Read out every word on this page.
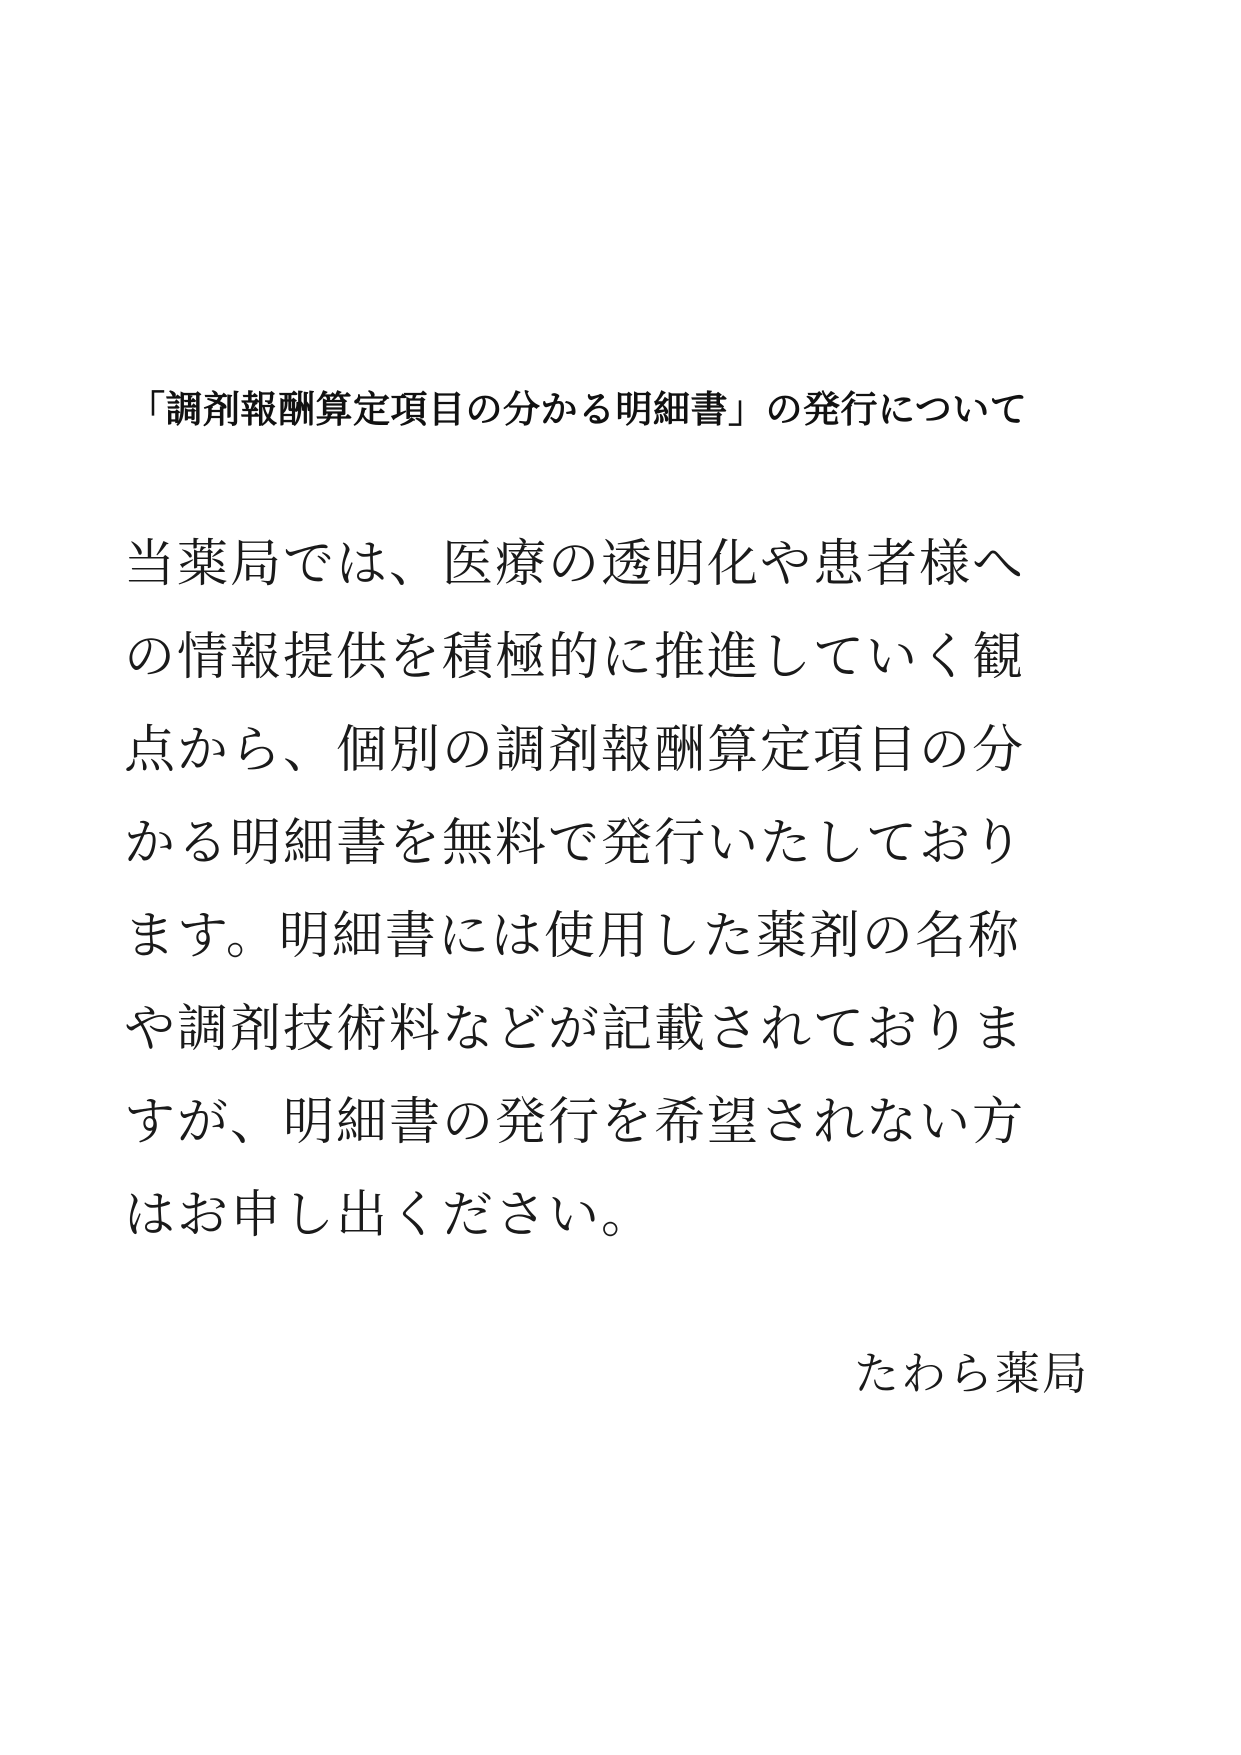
「調剤報酬算定項目の分かる明細書」の発行について
当薬局では、医療の透明化や患者様へ
の情報提供を積極的に推進していく観
点から、個別の調剤報酬算定項目の分
かる明細書を無料で発行いたしており
ます。明細書には使用した薬剤の名称
や調剤技術料などが記載されておりま
すが、明細書の発行を希望されない方
はお申し出ください。
たわら薬局
